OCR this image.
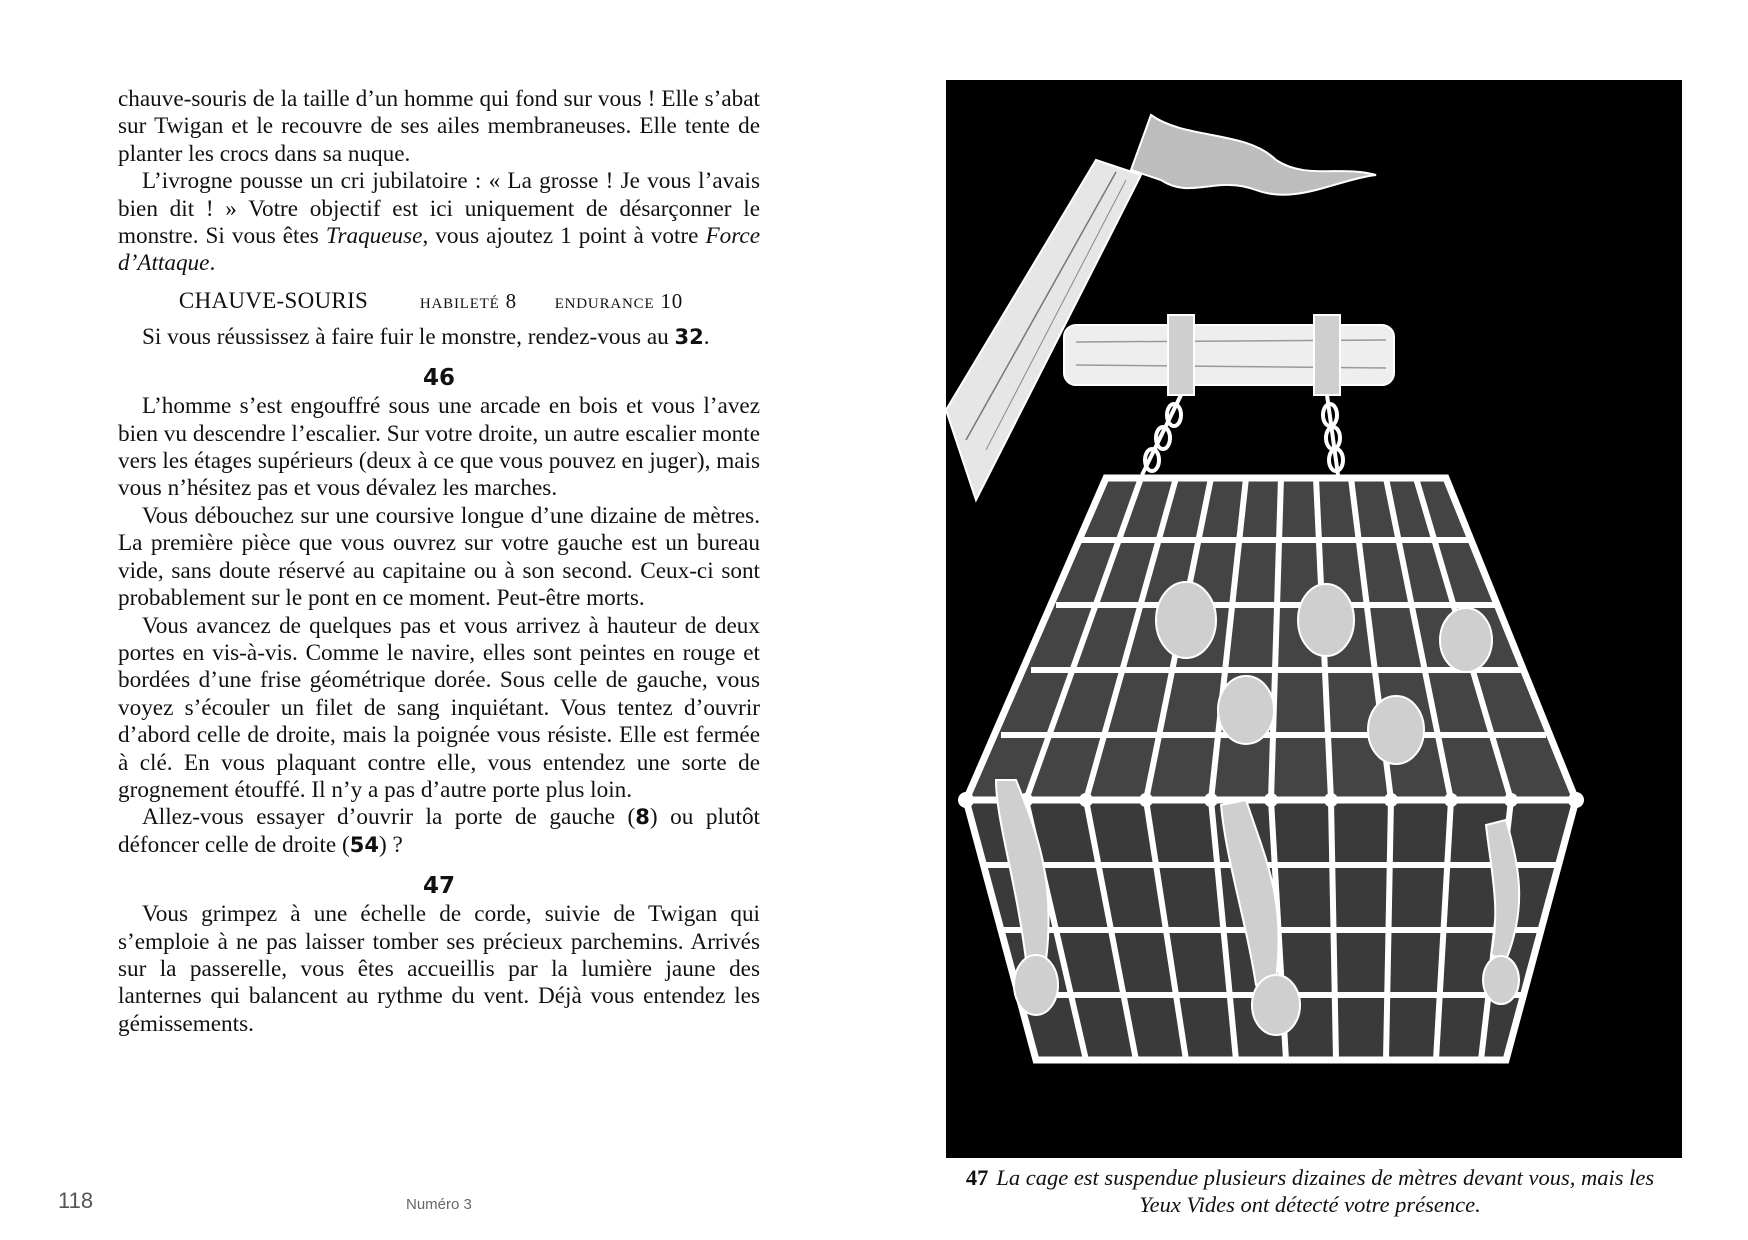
chauve-souris de la taille d’un homme qui fond sur vous ! Elle s’abat sur Twigan et le recouvre de ses ailes membraneuses. Elle tente de planter les crocs dans sa nuque.

L’ivrogne pousse un cri jubilatoire : « La grosse ! Je vous l’avais bien dit ! » Votre objectif est ici uniquement de désarçonner le monstre. Si vous êtes Traqueuse, vous ajoutez 1 point à votre Force d’Attaque.

CHAUVE-SOURIS habileté 8 endurance 10

Si vous réussissez à faire fuir le monstre, rendez-vous au 32.

46

L’homme s’est engouffré sous une arcade en bois et vous l’avez bien vu descendre l’escalier. Sur votre droite, un autre escalier monte vers les étages supérieurs (deux à ce que vous pouvez en juger), mais vous n’hésitez pas et vous dévalez les marches.

Vous débouchez sur une coursive longue d’une dizaine de mètres. La première pièce que vous ouvrez sur votre gauche est un bureau vide, sans doute réservé au capitaine ou à son second. Ceux-ci sont probablement sur le pont en ce moment. Peut-être morts.

Vous avancez de quelques pas et vous arrivez à hauteur de deux portes en vis-à-vis. Comme le navire, elles sont peintes en rouge et bordées d’une frise géométrique dorée. Sous celle de gauche, vous voyez s’écouler un filet de sang inquiétant. Vous tentez d’ouvrir d’abord celle de droite, mais la poignée vous résiste. Elle est fermée à clé. En vous plaquant contre elle, vous entendez une sorte de grognement étouffé. Il n’y a pas d’autre porte plus loin.

Allez-vous essayer d’ouvrir la porte de gauche (8) ou plutôt défoncer celle de droite (54) ?

47

Vous grimpez à une échelle de corde, suivie de Twigan qui s’emploie à ne pas laisser tomber ses précieux parchemins. Arrivés sur la passerelle, vous êtes accueillis par la lumière jaune des lanternes qui balancent au rythme du vent. Déjà vous entendez les gémissements.

118	Numéro 3
47 La cage est suspendue plusieurs dizaines de mètres devant vous, mais les Yeux Vides ont détecté votre présence.
